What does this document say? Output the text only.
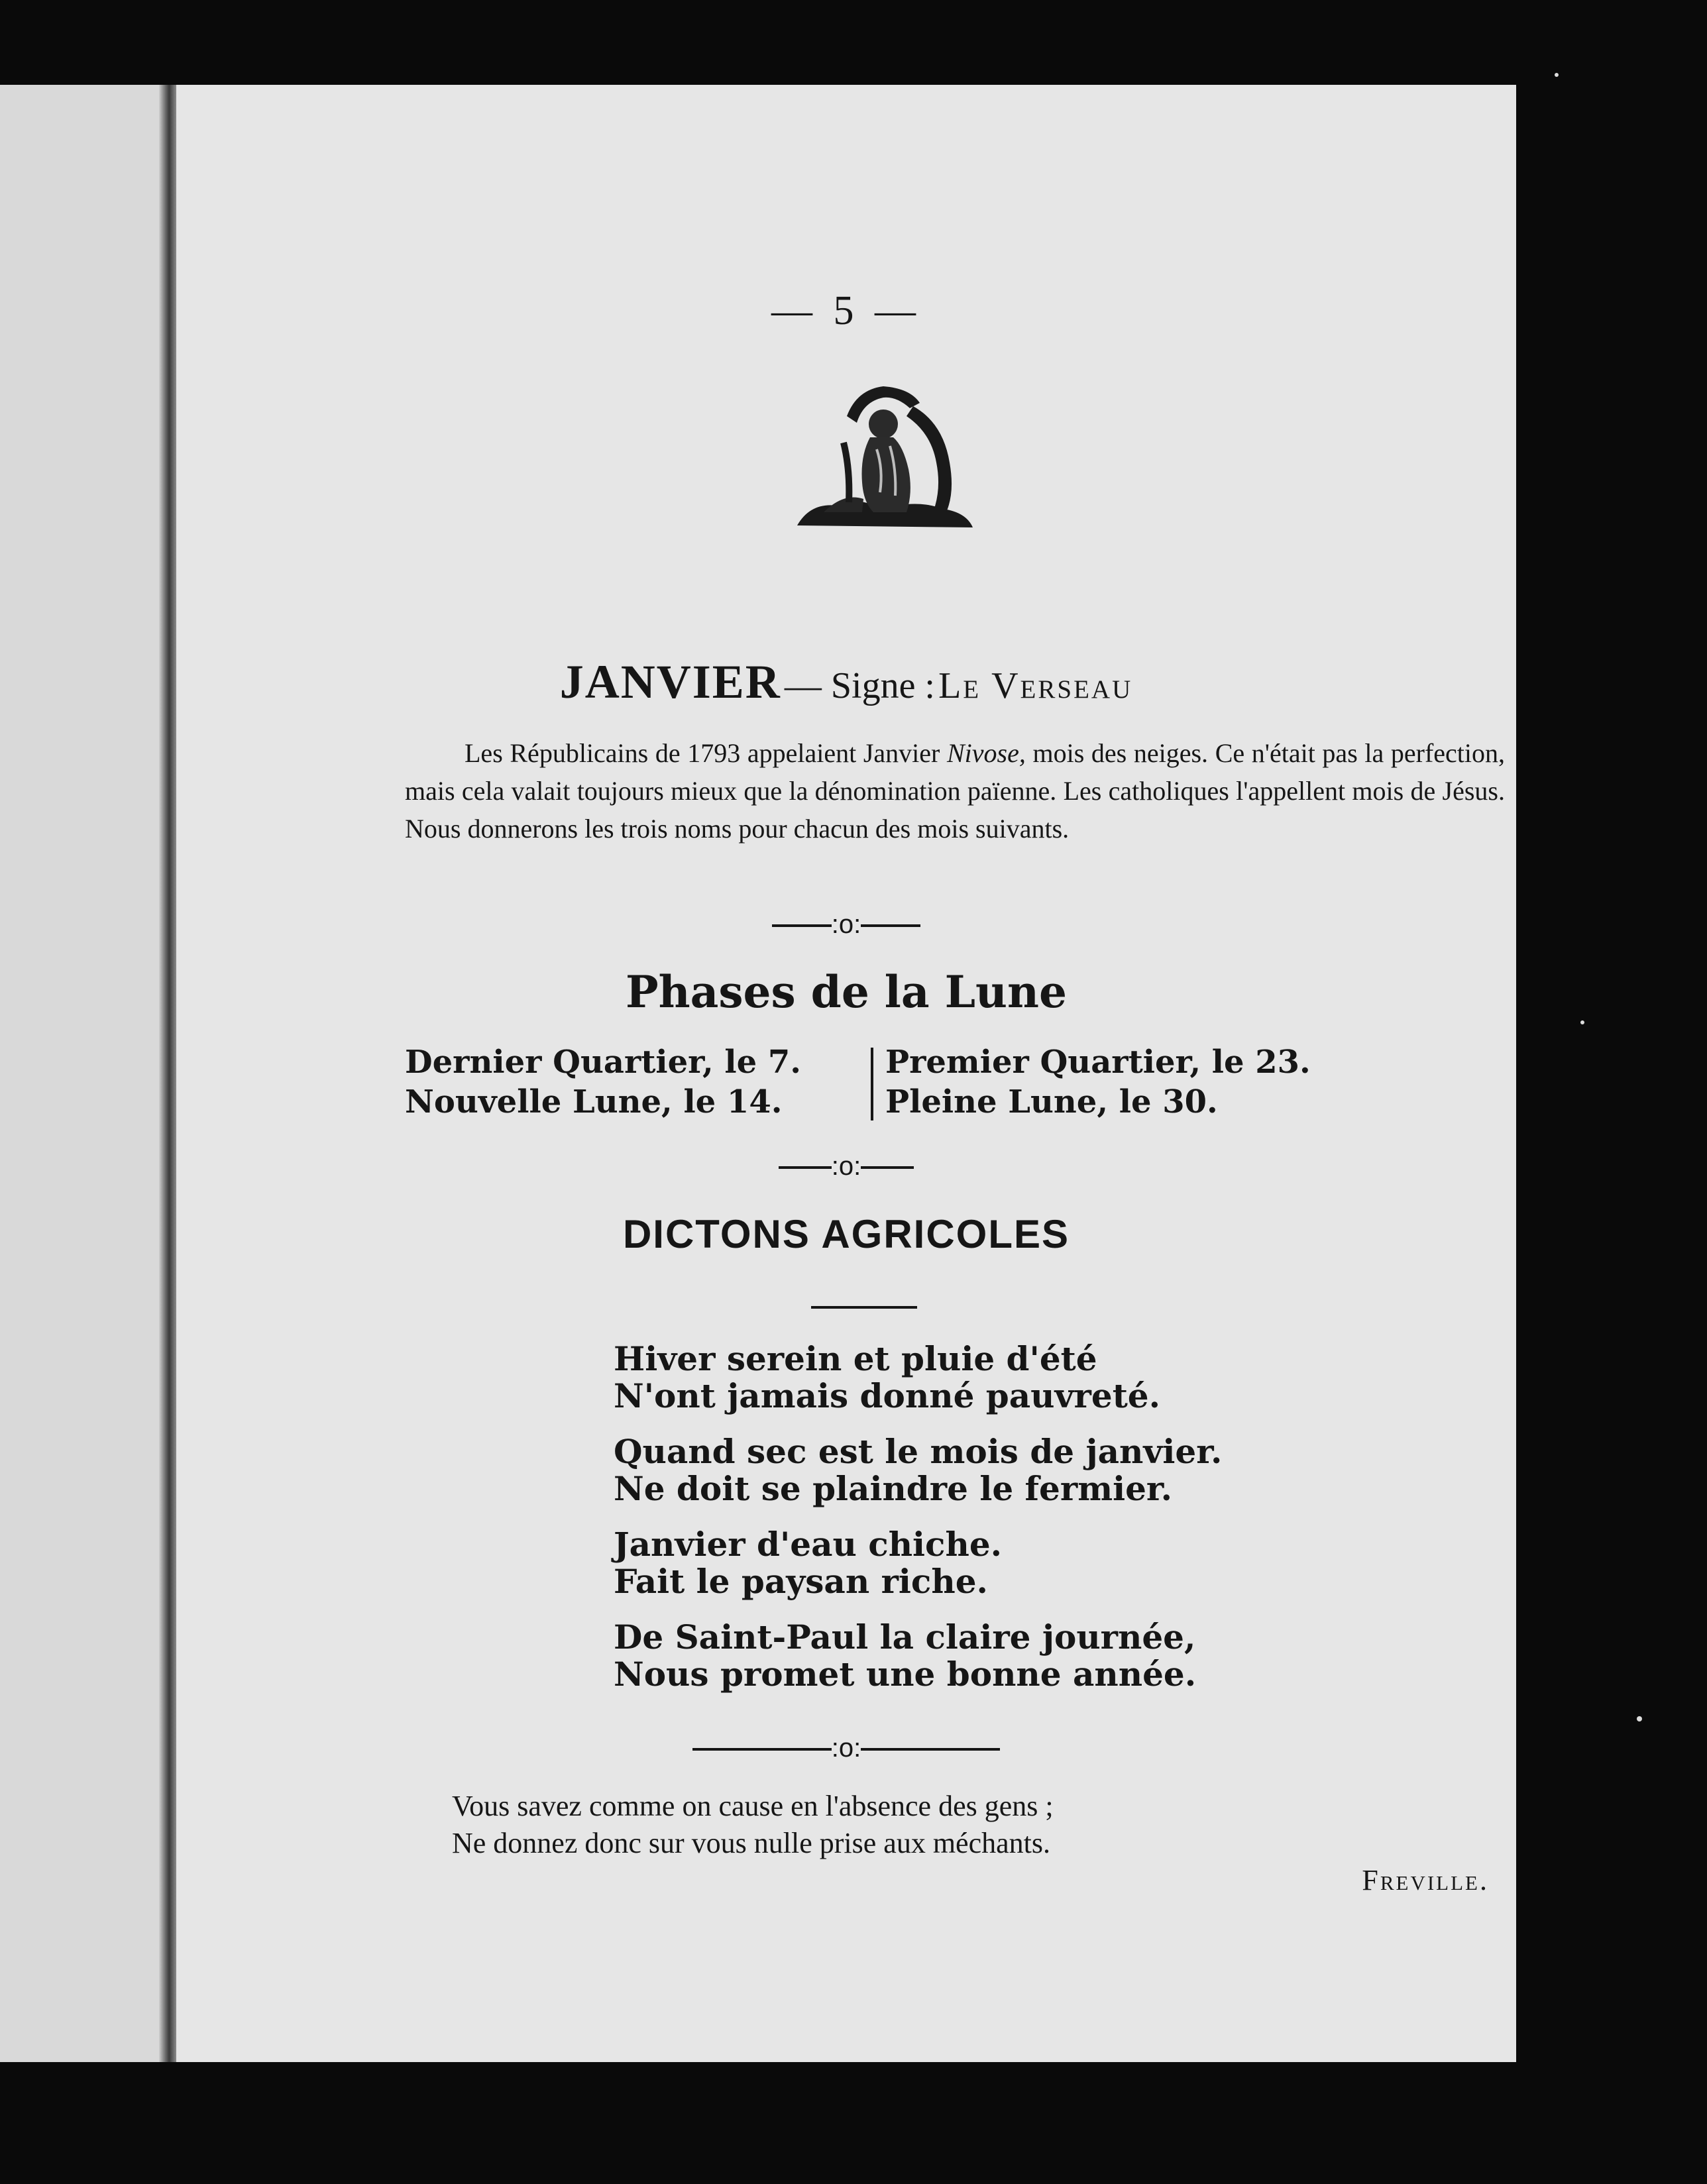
— 5 —
JANVIER — Signe : Le Verseau

Les Républicains de 1793 appelaient Janvier Nivose, mois des neiges. Ce n'était pas la perfection, mais cela valait toujours mieux que la dénomination païenne. Les catholiques l'appellent mois de Jésus. Nous donnerons les trois noms pour chacun des mois suivants.

:o:
Phases de la Lune
Dernier Quartier, le 7.
Nouvelle Lune, le 14.
Premier Quartier, le 23.
Pleine Lune, le 30.
:o:
DICTONS AGRICOLES
Hiver serein et pluie d'été
N'ont jamais donné pauvreté.
Quand sec est le mois de janvier.
Ne doit se plaindre le fermier.
Janvier d'eau chiche.
Fait le paysan riche.
De Saint-Paul la claire journée,
Nous promet une bonne année.
:o:
Vous savez comme on cause en l'absence des gens ;
Ne donnez donc sur vous nulle prise aux méchants.
Freville.
